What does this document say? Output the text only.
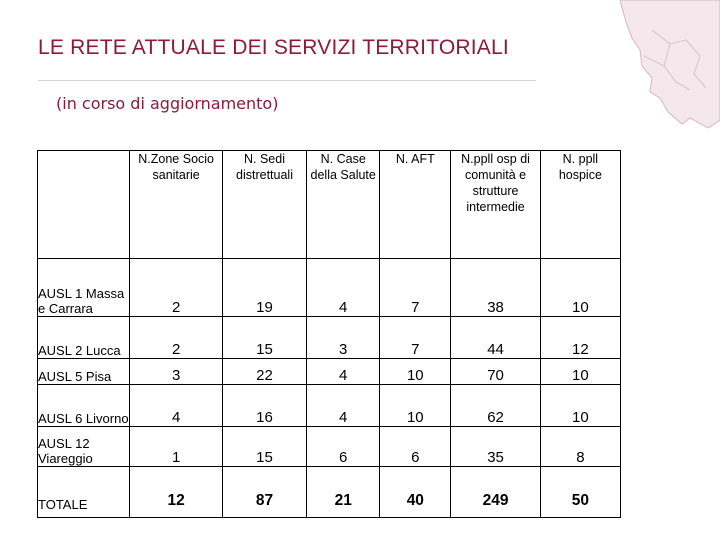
LE RETE ATTUALE DEI SERVIZI TERRITORIALI
(in corso di aggiornamento)
	N.Zone Socio sanitarie	N. Sedi distrettuali	N. Case della Salute	N. AFT	N.ppll osp di comunità e strutture intermedie	N. ppll hospice
AUSL 1 Massa e Carrara	2	19	4	7	38	10
AUSL 2 Lucca	2	15	3	7	44	12
AUSL 5 Pisa	3	22	4	10	70	10
AUSL 6 Livorno	4	16	4	10	62	10
AUSL 12 Viareggio	1	15	6	6	35	8
TOTALE	12	87	21	40	249	50
